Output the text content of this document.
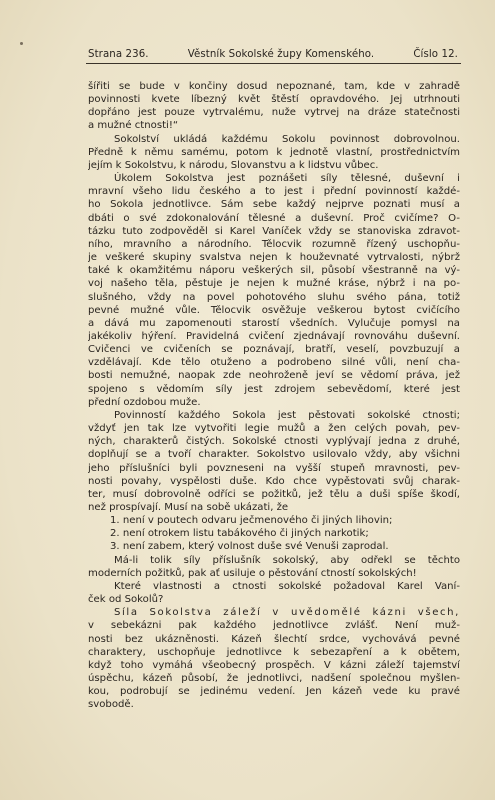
Strana 236.	Věstník Sokolské župy Komenského.	Číslo 12.

šířiti se bude v končiny dosud nepoznané, tam, kde v zahradě

povinnosti kvete líbezný květ štěstí opravdového. Jej utrhnouti

dopřáno jest pouze vytrvalému, nuže vytrvej na dráze statečnosti

a mužné ctnosti!“

Sokolství ukládá každému Sokolu povinnost dobrovolnou.

Předně k němu samému, potom k jednotě vlastní, prostřednictvím

jejím k Sokolstvu, k národu, Slovanstvu a k lidstvu vůbec.

Úkolem Sokolstva jest poznášeti síly tělesné, duševní i

mravní všeho lidu českého a to jest i přední povinností každé-

ho Sokola jednotlivce. Sám sebe každý nejprve poznati musí a

dbáti o své zdokonalování tělesné a duševní. Proč cvičíme? O-

tázku tuto zodpověděl si Karel Vaníček vždy se stanoviska zdravot-

ního, mravního a národního. Tělocvik rozumně řízený uschopňu-

je veškeré skupiny svalstva nejen k houževnaté vytrvalosti, nýbrž

také k okamžitému náporu veškerých sil, působí všestranně na vý-

voj našeho těla, pěstuje je nejen k mužné kráse, nýbrž i na po-

slušného, vždy na povel pohotového sluhu svého pána, totiž

pevné mužné vůle. Tělocvik osvěžuje veškerou bytost cvičícího

a dává mu zapomenouti starostí všedních. Vylučuje pomysl na

jakékoliv hýření. Pravidelná cvičení zjednávají rovnováhu duševní.

Cvičenci ve cvičeních se poznávají, bratří, veselí, povzbuzují a

vzdělávají. Kde tělo otuženo a podrobeno silné vůli, není cha-

bosti nemužné, naopak zde neohroženě jeví se vědomí práva, jež

spojeno s vědomím síly jest zdrojem sebevědomí, které jest

přední ozdobou muže.

Povinností každého Sokola jest pěstovati sokolské ctnosti;

vždyť jen tak lze vytvořiti legie mužů a žen celých povah, pev-

ných, charakterů čistých. Sokolské ctnosti vyplývají jedna z druhé,

doplňují se a tvoří charakter. Sokolstvo usilovalo vždy, aby všichni

jeho příslušníci byli povzneseni na vyšší stupeň mravnosti, pev-

nosti povahy, vyspělosti duše. Kdo chce vypěstovati svůj charak-

ter, musí dobrovolně odříci se požitků, jež tělu a duši spíše škodí,

než prospívají. Musí na sobě ukázati, že

1. není v poutech odvaru ječmenového či jiných lihovin;

2. není otrokem listu tabákového či jiných narkotik;

3. není zabem, který volnost duše své Venuši zaprodal.

Má-li tolik síly příslušník sokolský, aby odřekl se těchto

moderních požitků, pak ať usiluje o pěstování ctností sokolských!

Které vlastnosti a ctnosti sokolské požadoval Karel Vaní-

ček od Sokolů?

Síla Sokolstva záleží v uvědomělé kázni všech,

v sebekázni pak každého jednotlivce zvlášť. Není muž-

nosti bez ukázněnosti. Kázeň šlechtí srdce, vychovává pevné

charaktery, uschopňuje jednotlivce k sebezapření a k obětem,

když toho vymáhá všeobecný prospěch. V kázni záleží tajemství

úspěchu, kázeň působí, že jednotlivci, nadšení společnou myšlen-

kou, podrobují se jedinému vedení. Jen kázeň vede ku pravé

svobodě.
